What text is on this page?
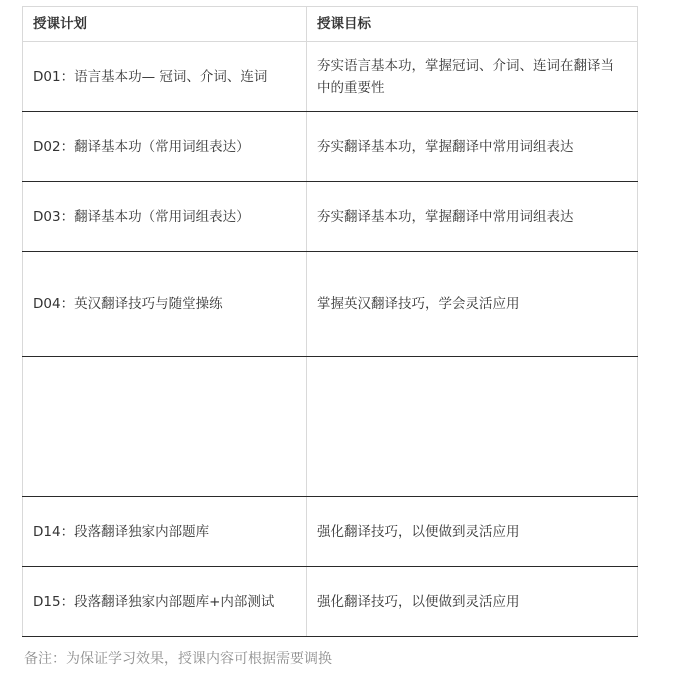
授课计划	授课目标
D01：语言基本功— 冠词、介词、连词	夯实语言基本功，掌握冠词、介词、连词在翻译当中的重要性
D02：翻译基本功（常用词组表达）	夯实翻译基本功，掌握翻译中常用词组表达
D03：翻译基本功（常用词组表达）	夯实翻译基本功，掌握翻译中常用词组表达
D04：英汉翻译技巧与随堂操练	掌握英汉翻译技巧，学会灵活应用

D14：段落翻译独家内部题库	强化翻译技巧，以便做到灵活应用
D15：段落翻译独家内部题库+内部测试	强化翻译技巧，以便做到灵活应用
备注：为保证学习效果，授课内容可根据需要调换
